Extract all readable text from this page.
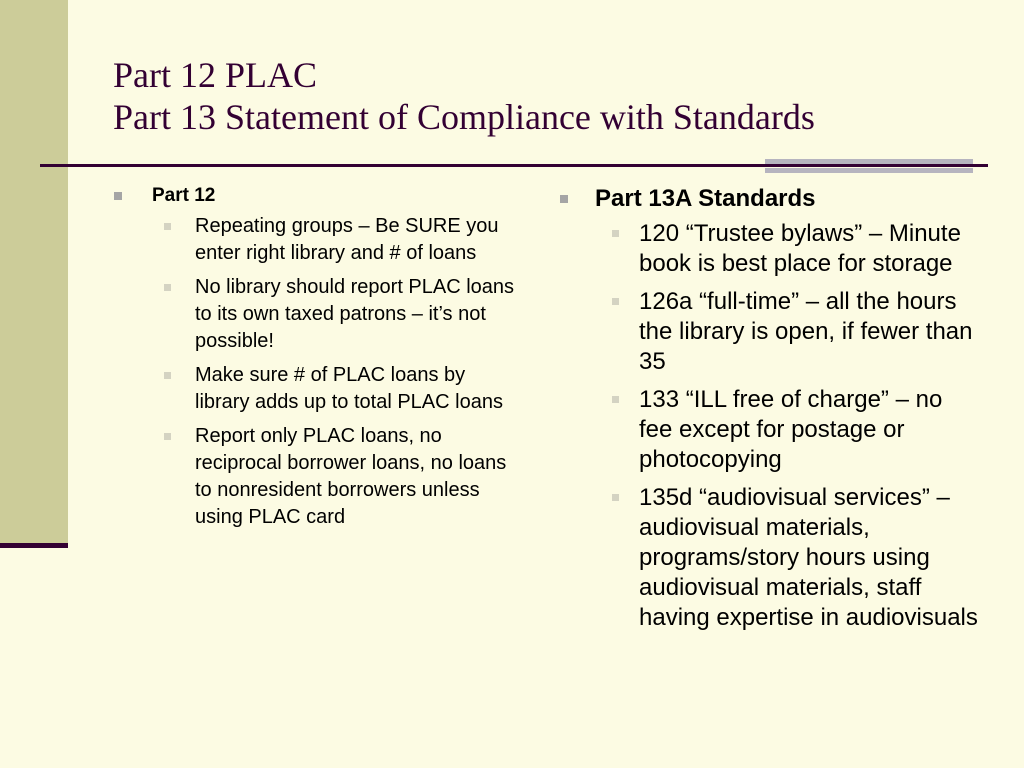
Part 12 PLAC
Part 13 Statement of Compliance with Standards
Part 12
Repeating groups – Be SURE you enter right library and # of loans
No library should report PLAC loans to its own taxed patrons – it’s not possible!
Make sure # of PLAC loans by library adds up to total PLAC loans
Report only PLAC loans, no reciprocal borrower loans, no loans to nonresident borrowers unless using PLAC card
Part 13A Standards
120 “Trustee bylaws” – Minute book is best place for storage
126a “full-time” – all the hours the library is open, if fewer than 35
133 “ILL free of charge” – no fee except for postage or photocopying
135d “audiovisual services” – audiovisual materials, programs/story hours using audiovisual materials, staff having expertise in audiovisuals
